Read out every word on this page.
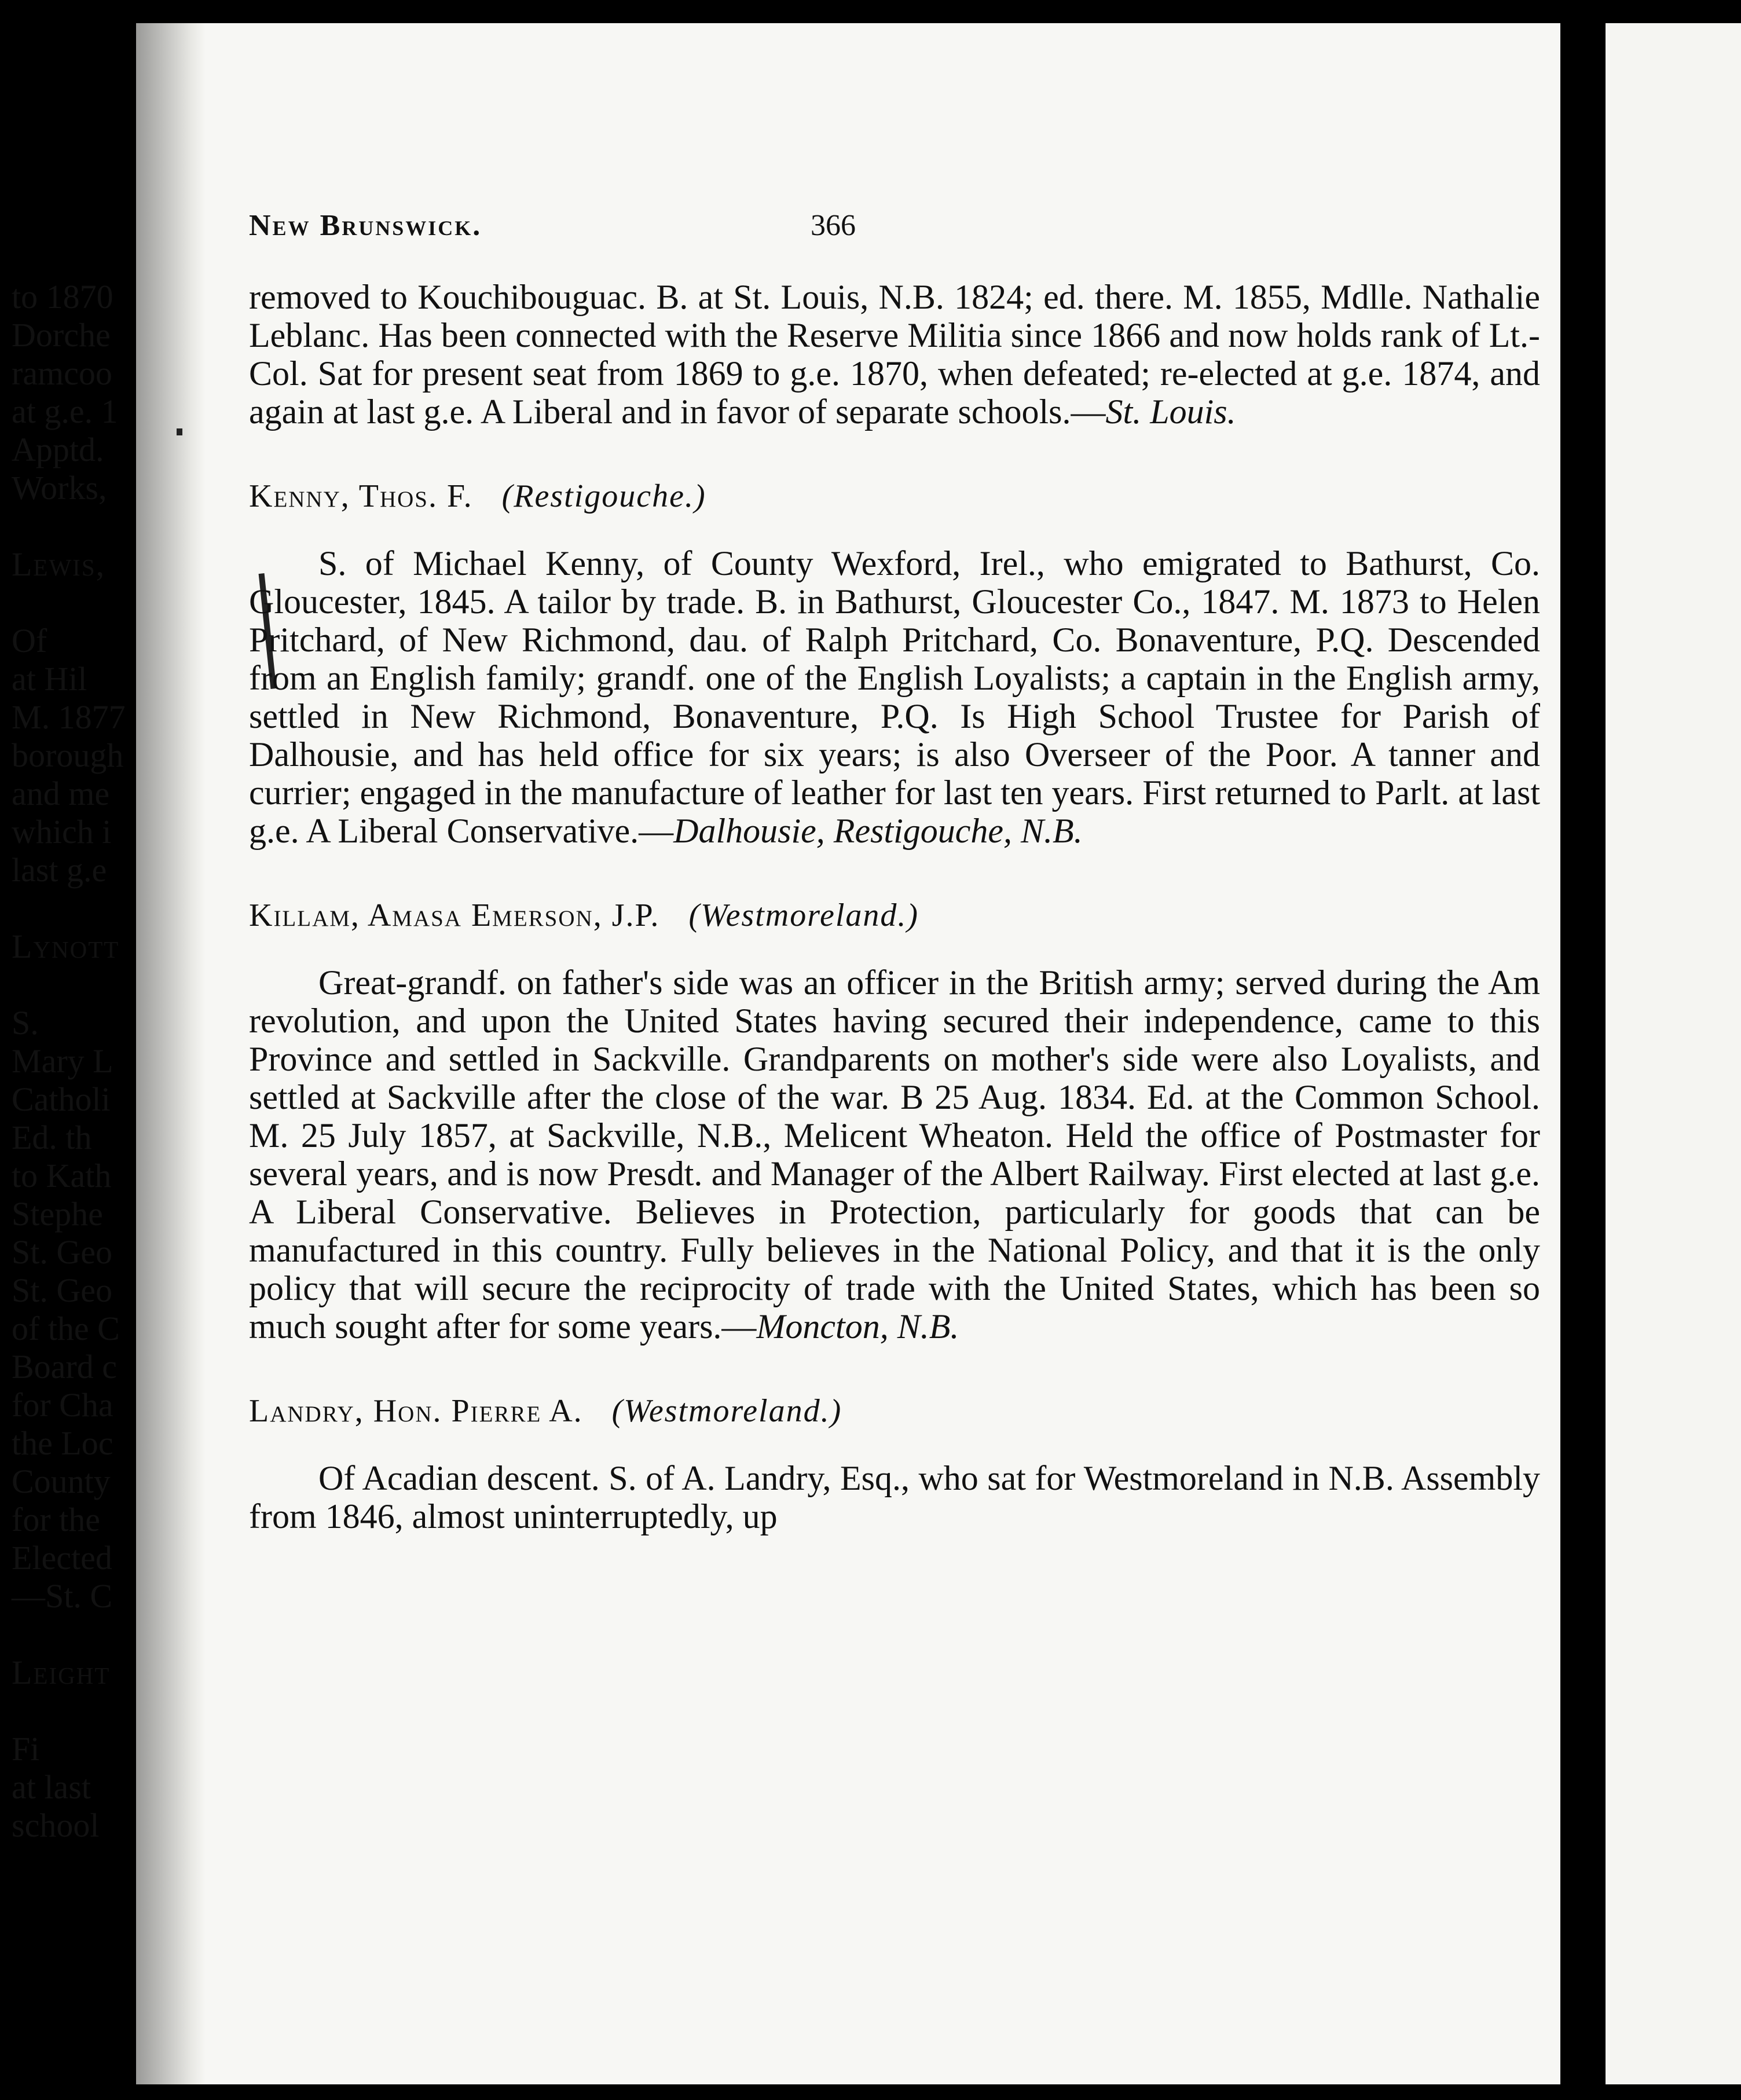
New Brunswick.	366

removed to Kouchibouguac. B. at St. Louis, N.B. 1824; ed. there. M. 1855, Mdlle. Nathalie Leblanc. Has been connected with the Reserve Militia since 1866 and now holds rank of Lt.-Col. Sat for present seat from 1869 to g.e. 1870, when defeated; re-elected at g.e. 1874, and again at last g.e. A Liberal and in favor of separate schools.—St. Louis.

Kenny, Thos. F. (Restigouche.)

S. of Michael Kenny, of County Wexford, Irel., who emigrated to Bathurst, Co. Gloucester, 1845. A tailor by trade. B. in Bathurst, Gloucester Co., 1847. M. 1873 to Helen Pritchard, of New Richmond, dau. of Ralph Pritchard, Co. Bonaventure, P.Q. Descended from an English family; grandf. one of the English Loyalists; a captain in the English army, settled in New Richmond, Bonaventure, P.Q. Is High School Trustee for Parish of Dalhousie, and has held office for six years; is also Overseer of the Poor. A tanner and currier; engaged in the manufacture of leather for last ten years. First returned to Parlt. at last g.e. A Liberal Conservative.—Dalhousie, Restigouche, N.B.

Killam, Amasa Emerson, J.P. (Westmoreland.)

Great-grandf. on father's side was an officer in the British army; served during the Am revolution, and upon the United States having secured their independence, came to this Province and settled in Sackville. Grandparents on mother's side were also Loyalists, and settled at Sackville after the close of the war. B 25 Aug. 1834. Ed. at the Common School. M. 25 July 1857, at Sackville, N.B., Melicent Wheaton. Held the office of Postmaster for several years, and is now Presdt. and Manager of the Albert Railway. First elected at last g.e. A Liberal Conservative. Believes in Protection, particularly for goods that can be manufactured in this country. Fully believes in the National Policy, and that it is the only policy that will secure the reciprocity of trade with the United States, which has been so much sought after for some years.—Moncton, N.B.

Landry, Hon. Pierre A. (Westmoreland.)

Of Acadian descent. S. of A. Landry, Esq., who sat for Westmoreland in N.B. Assembly from 1846, almost uninterruptedly, up

to 1870
Dorche
ramcoo
at g.e. 1
Apptd.
Works,
Lewis,
Of
at Hil
M. 1877
borough
and me
which i
last g.e
Lynott
S.
Mary L
Catholi
Ed. th
to Kath
Stephe
St. Geo
St. Geo
of the C
Board c
for Cha
the Loc
County
for the
Elected
—St. C
Leight
Fi
at last
school
